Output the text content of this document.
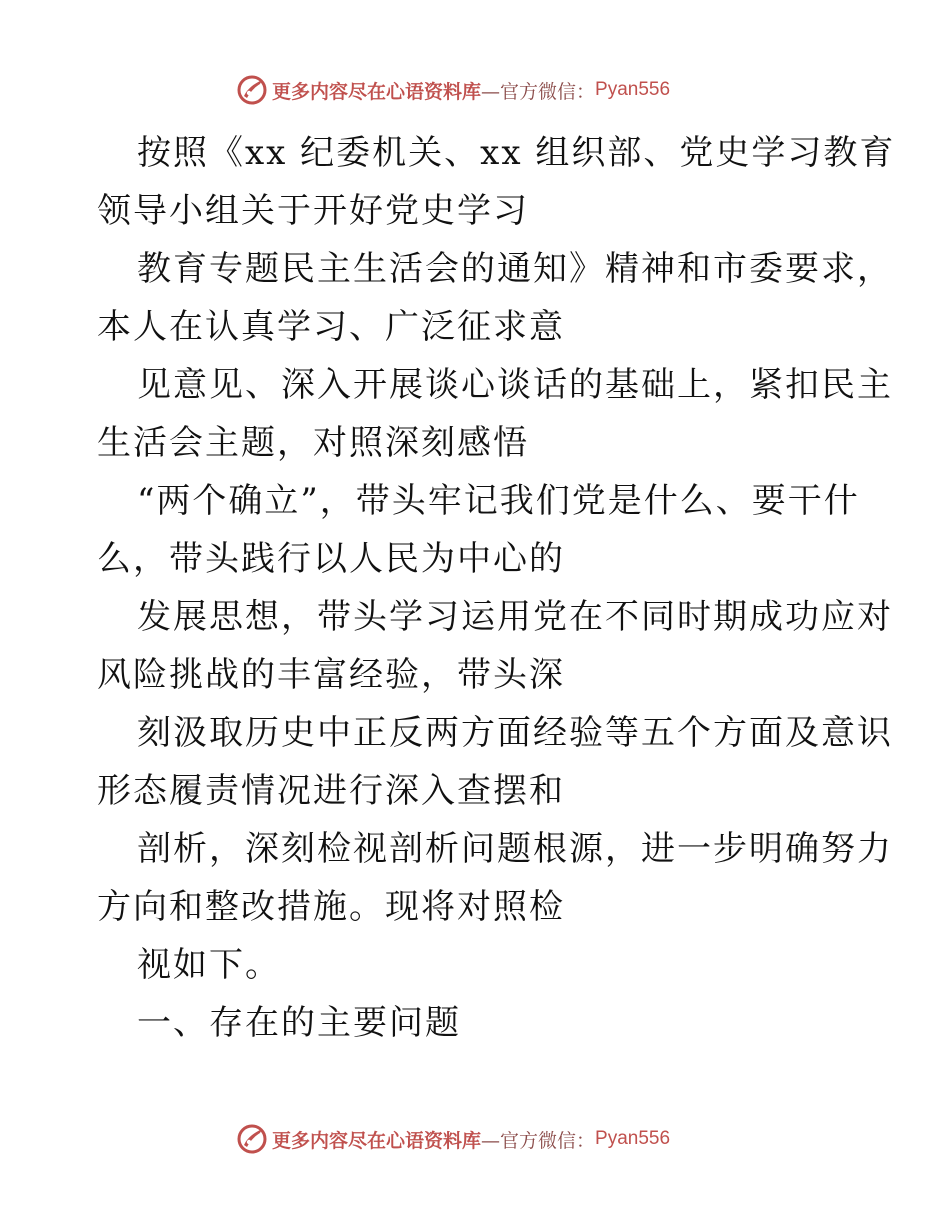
更多内容尽在心语资料库 —官方微信： Pyan556
按照《xx 纪委机关、xx 组织部、党史学习教育
领导小组关于开好党史学习
教育专题民主生活会的通知》精神和市委要求，
本人在认真学习、广泛征求意
见意见、深入开展谈心谈话的基础上，紧扣民主
生活会主题，对照深刻感悟
“两个确立”，带头牢记我们党是什么、要干什
么，带头践行以人民为中心的
发展思想，带头学习运用党在不同时期成功应对
风险挑战的丰富经验，带头深
刻汲取历史中正反两方面经验等五个方面及意识
形态履责情况进行深入查摆和
剖析，深刻检视剖析问题根源，进一步明确努力
方向和整改措施。现将对照检
视如下。
一、存在的主要问题
更多内容尽在心语资料库 —官方微信： Pyan556
